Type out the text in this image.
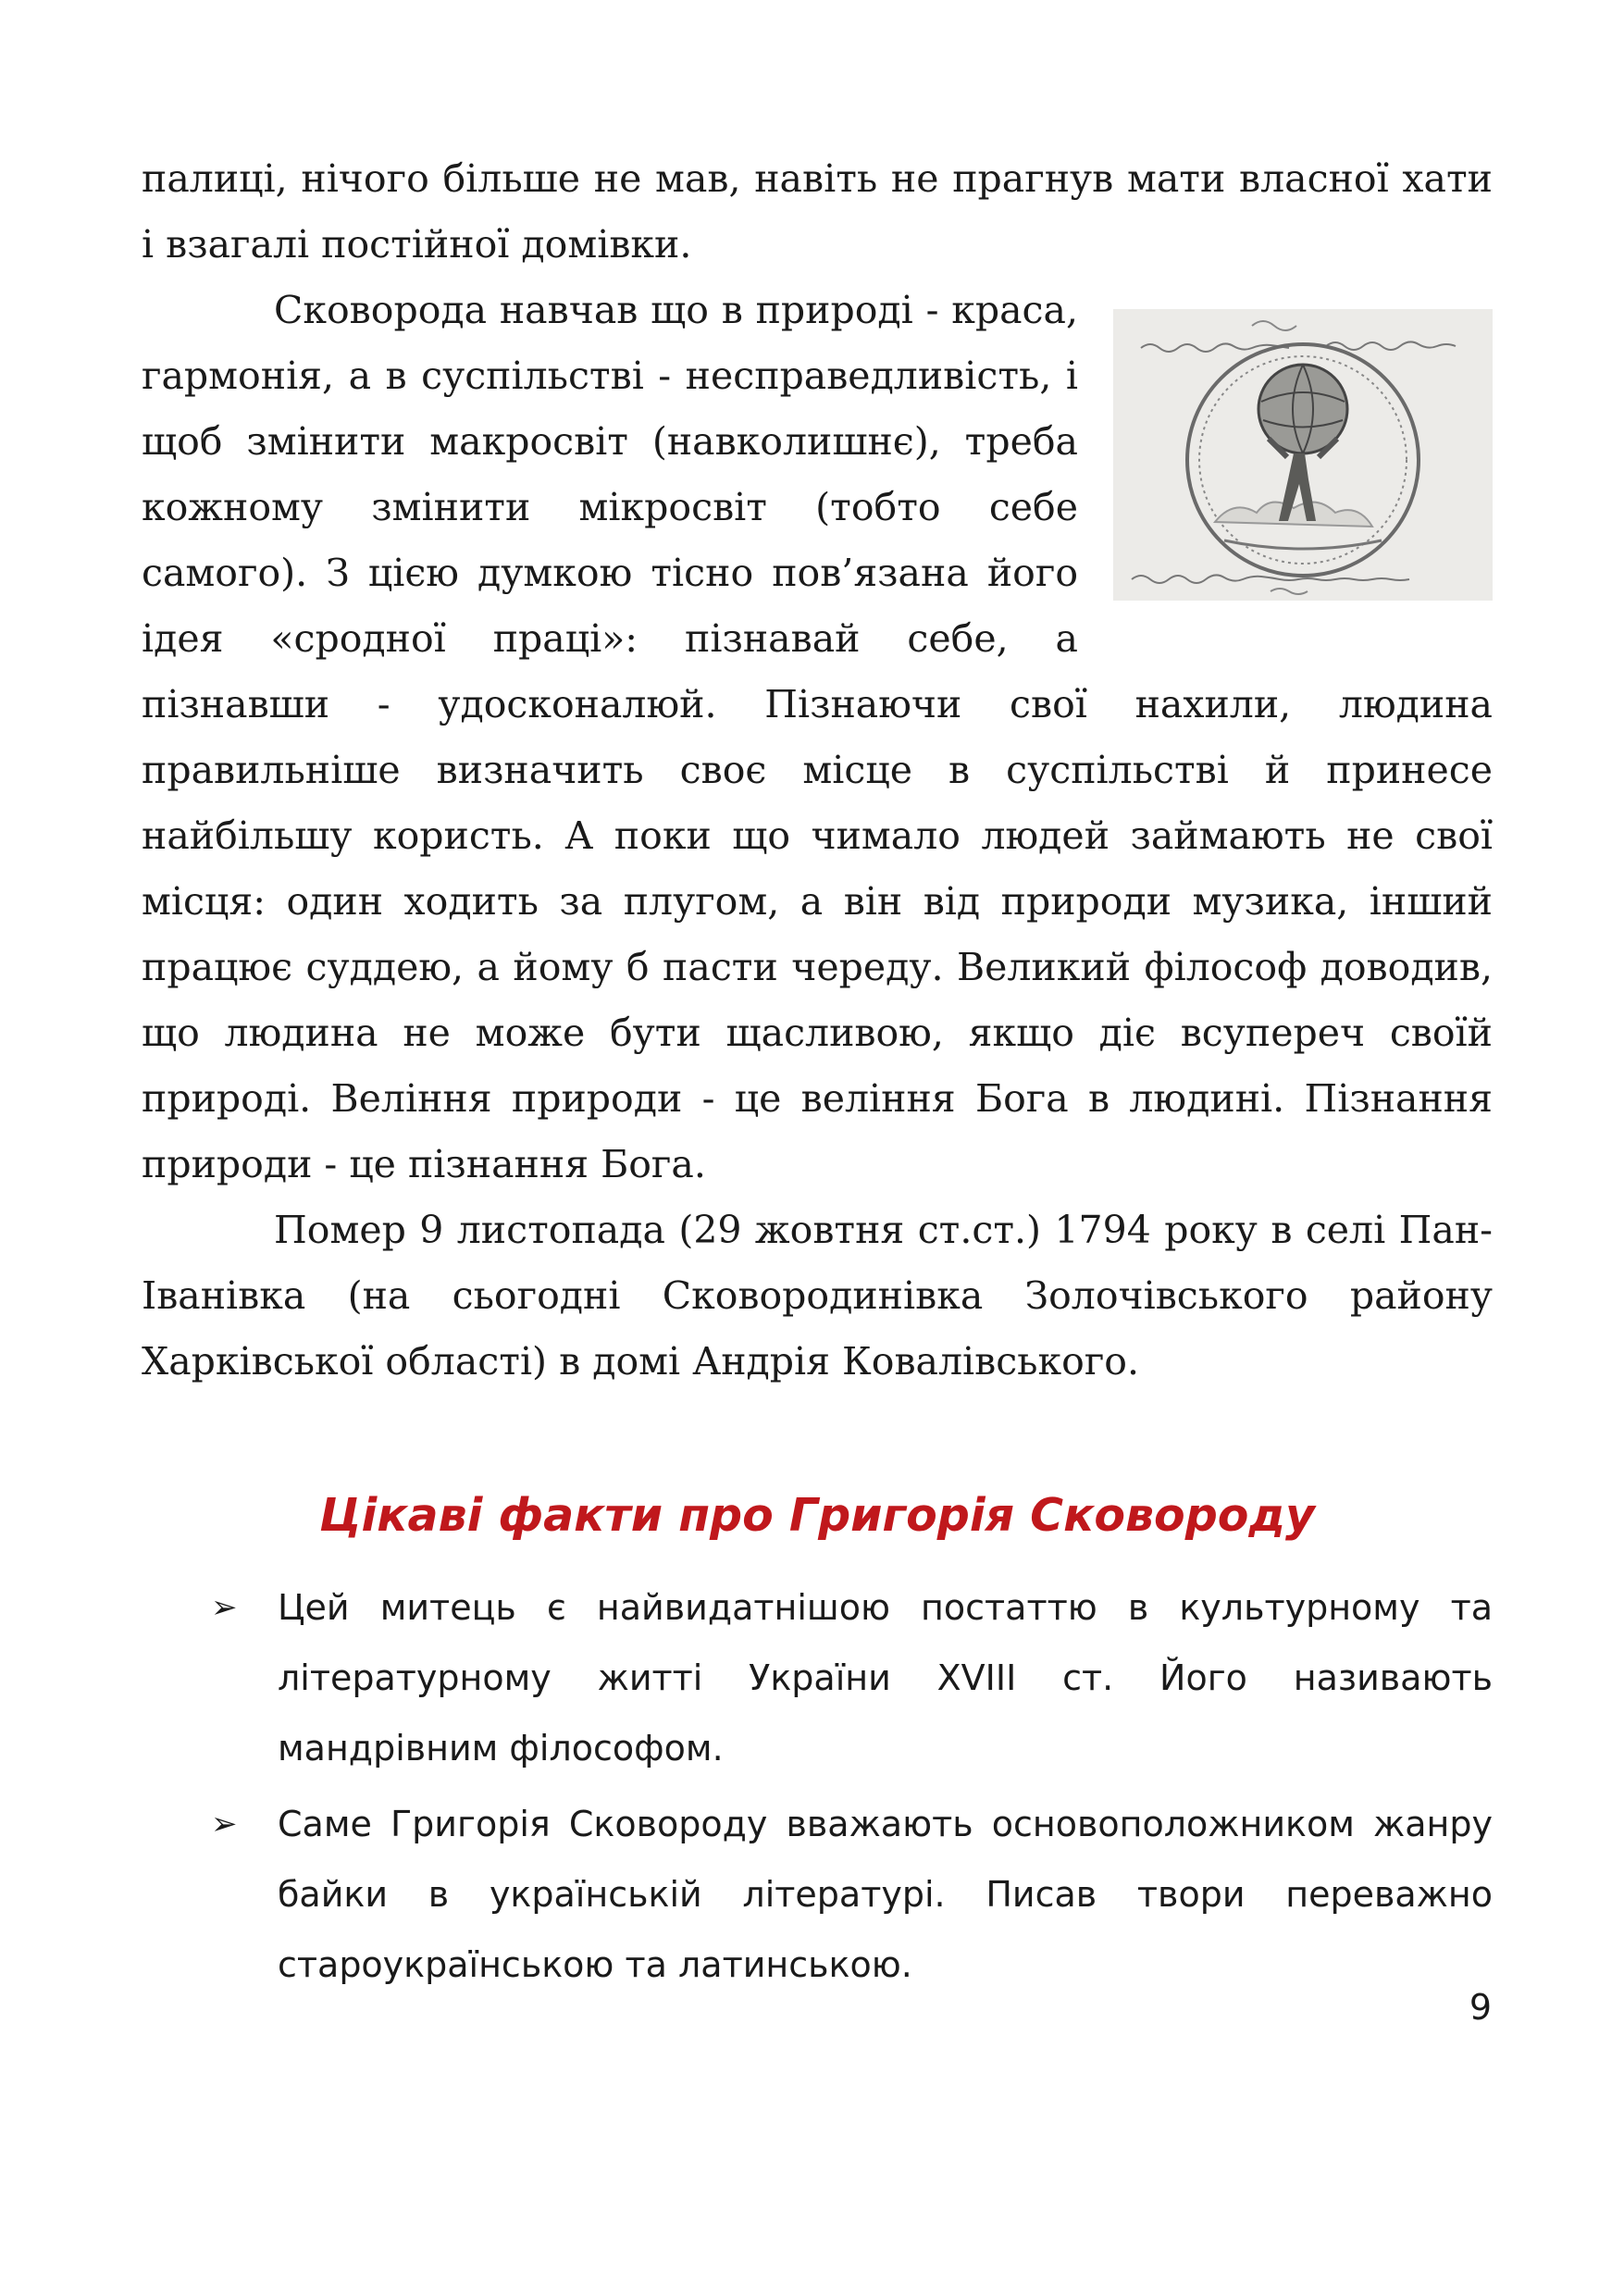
палиці, нічого більше не мав, навіть не прагнув мати власної хати і взагалі постійної домівки.

Сковорода навчав що в природі - краса, гармонія, а в суспільстві - несправедливість, і щоб змінити макросвіт (навколишнє), треба кожному змінити мікросвіт (тобто себе самого). З цією думкою тісно пов’язана його ідея «сродної праці»: пізнавай себе, а пізнавши - удосконалюй. Пізнаючи свої нахили, людина правильніше визначить своє місце в суспільстві й принесе найбільшу користь. А поки що чимало людей займають не свої місця: один ходить за плугом, а він від природи музика, інший працює суддею, а йому б пасти череду. Великий філософ доводив, що людина не може бути щасливою, якщо діє всупереч своїй природі. Веління природи - це веління Бога в людині. Пізнання природи - це пізнання Бога.

Помер 9 листопада (29 жовтня ст.ст.) 1794 року в селі Пан-Іванівка (на сьогодні Сковородинівка Золочівського району Харківської області) в домі Андрія Ковалівського.

Цікаві факти про Григорія Сковороду
➢ Цей митець є найвидатнішою постаттю в культурному та літературному житті України XVIII ст. Його називають мандрівним філософом.
➢ Саме Григорія Сковороду вважають основоположником жанру байки в українській літературі. Писав твори переважно староукраїнською та латинською.
9
